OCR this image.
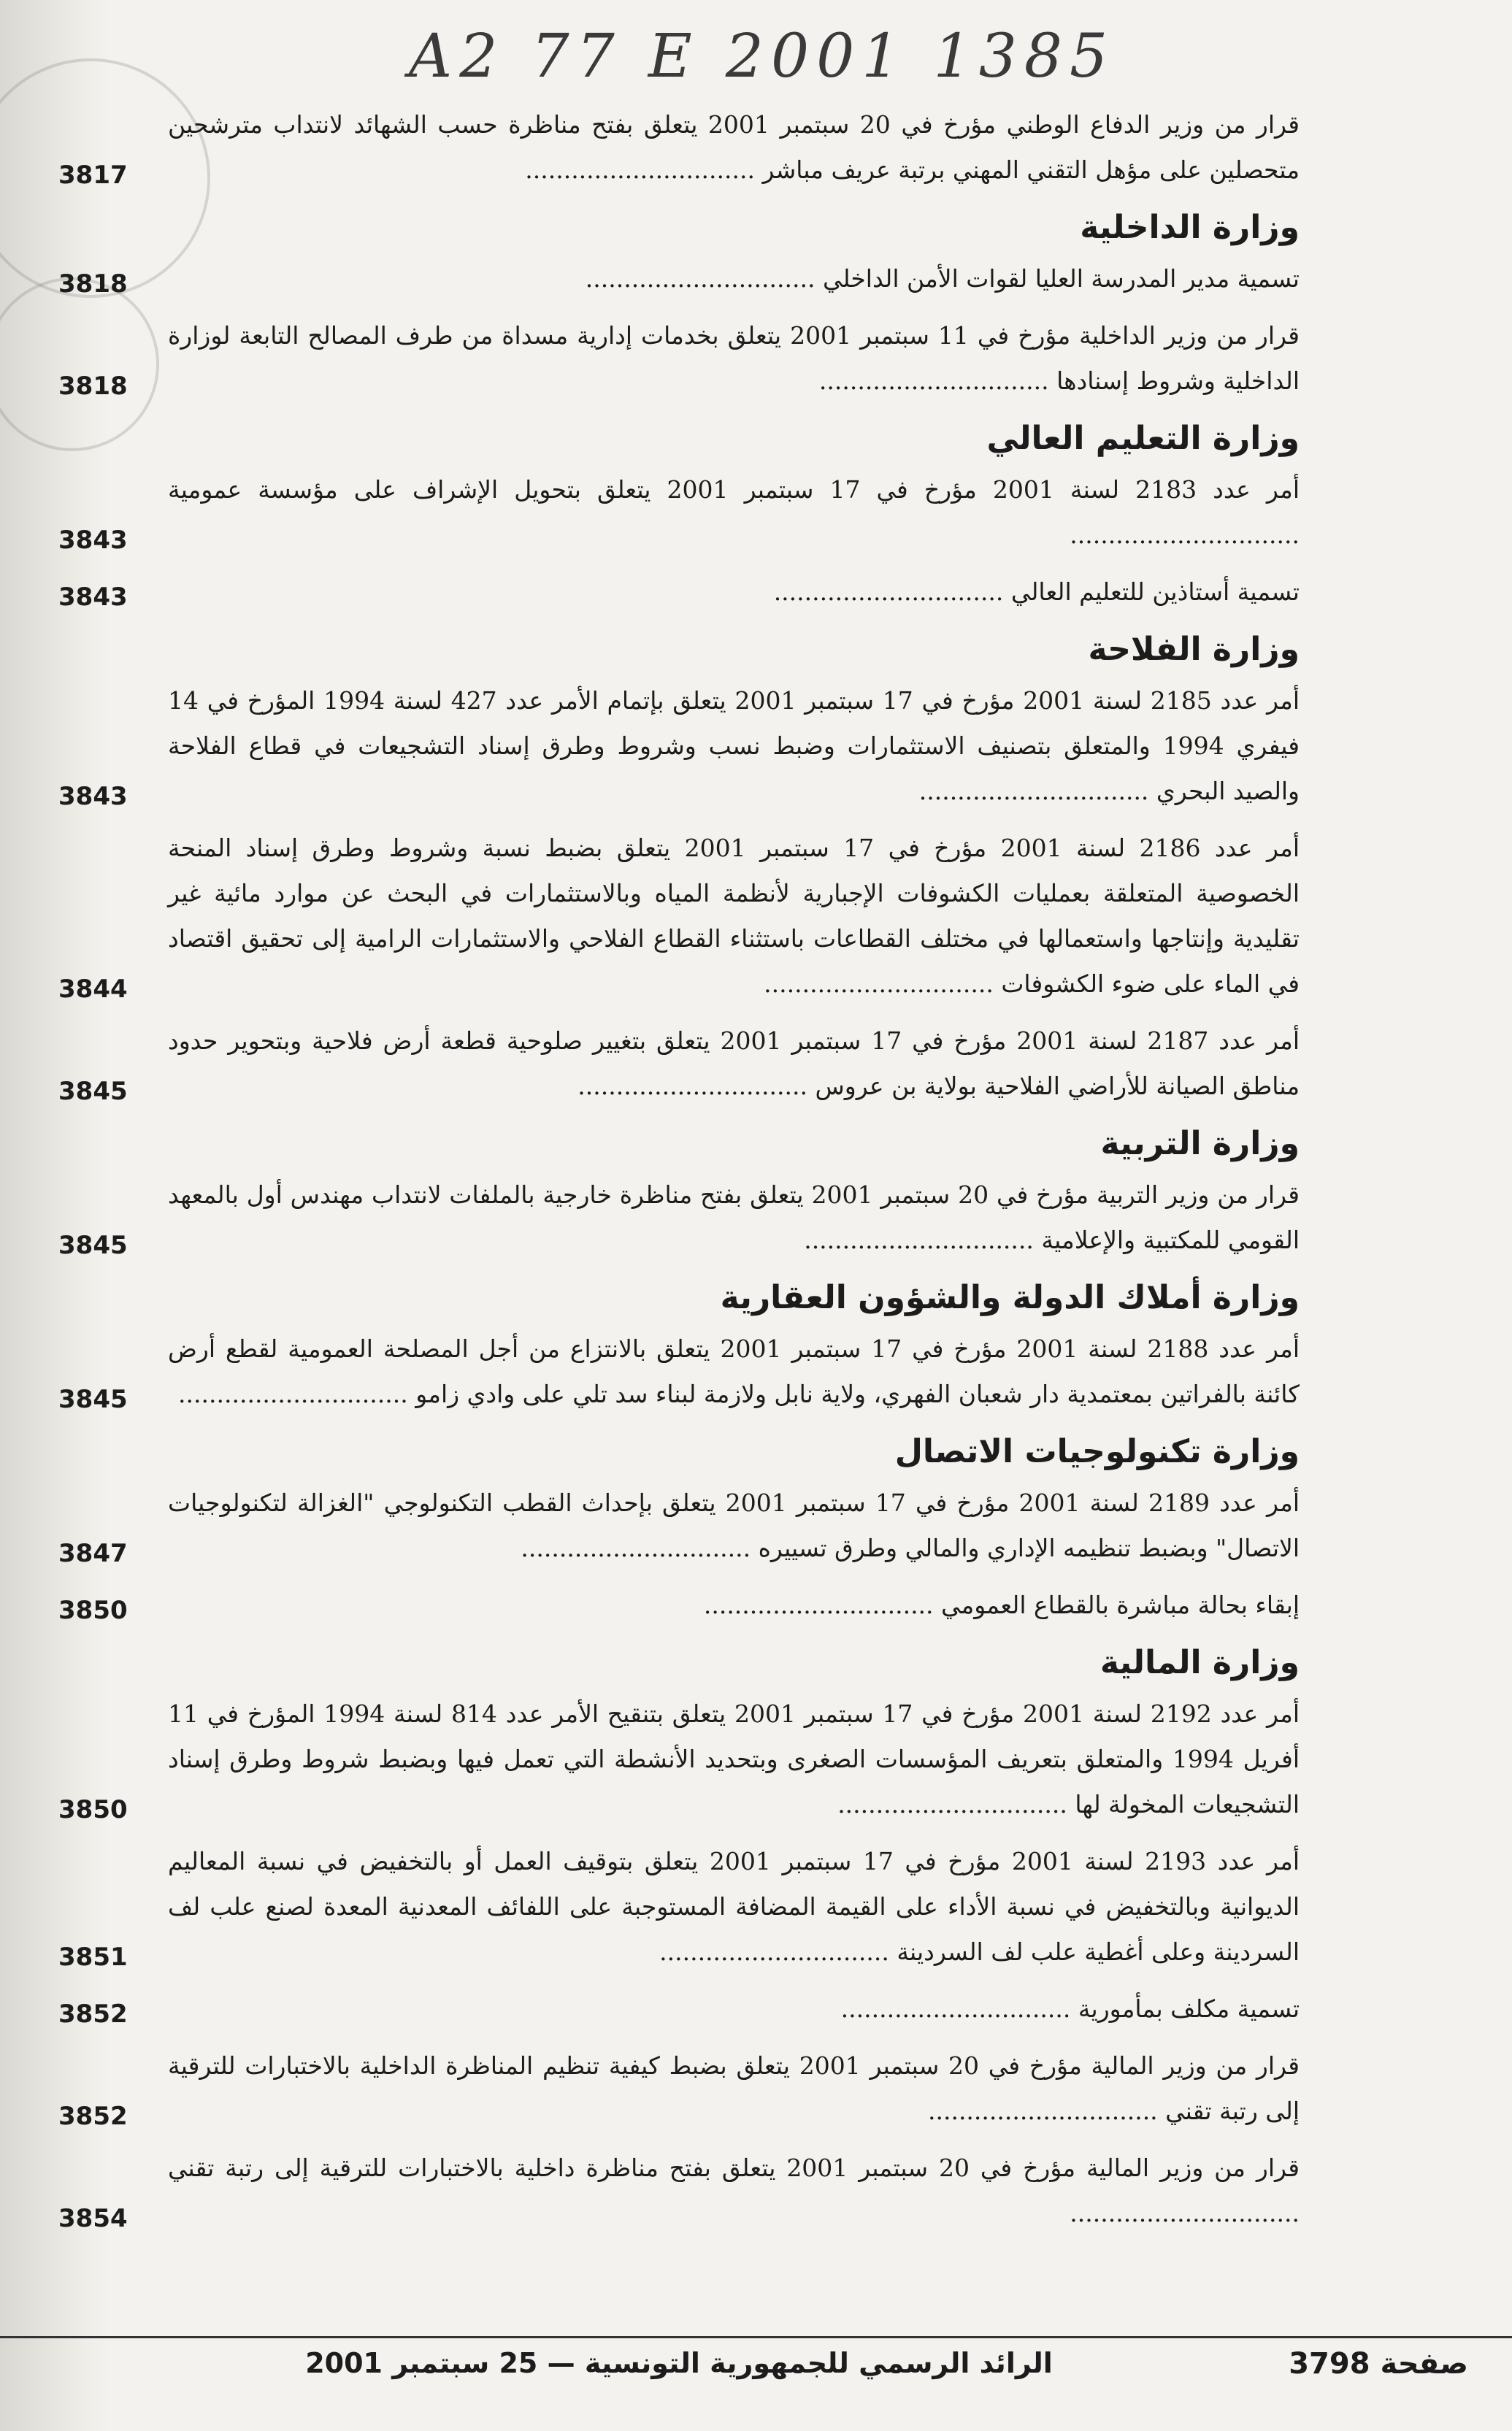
A2 77 E 2001 1385
قرار من وزير الدفاع الوطني مؤرخ في 20 سبتمبر 2001 يتعلق بفتح مناظرة حسب الشهائد لانتداب مترشحين متحصلين على مؤهل التقني المهني برتبة عريف مباشر .....
3817
وزارة الداخلية
تسمية مدير المدرسة العليا لقوات الأمن الداخلي .....
3818
قرار من وزير الداخلية مؤرخ في 11 سبتمبر 2001 يتعلق بخدمات إدارية مسداة من طرف المصالح التابعة لوزارة الداخلية وشروط إسنادها .....
3818
وزارة التعليم العالي
أمر عدد 2183 لسنة 2001 مؤرخ في 17 سبتمبر 2001 يتعلق بتحويل الإشراف على مؤسسة عمومية .....
3843
تسمية أستاذين للتعليم العالي .....
3843
وزارة الفلاحة
أمر عدد 2185 لسنة 2001 مؤرخ في 17 سبتمبر 2001 يتعلق بإتمام الأمر عدد 427 لسنة 1994 المؤرخ في 14 فيفري 1994 والمتعلق بتصنيف الاستثمارات وضبط نسب وشروط وطرق إسناد التشجيعات في قطاع الفلاحة والصيد البحري .....
3843
أمر عدد 2186 لسنة 2001 مؤرخ في 17 سبتمبر 2001 يتعلق بضبط نسبة وشروط وطرق إسناد المنحة الخصوصية المتعلقة بعمليات الكشوفات الإجبارية لأنظمة المياه وبالاستثمارات في البحث عن موارد مائية غير تقليدية وإنتاجها واستعمالها في مختلف القطاعات باستثناء القطاع الفلاحي والاستثمارات الرامية إلى تحقيق اقتصاد في الماء على ضوء الكشوفات .....
3844
أمر عدد 2187 لسنة 2001 مؤرخ في 17 سبتمبر 2001 يتعلق بتغيير صلوحية قطعة أرض فلاحية وبتحوير حدود مناطق الصيانة للأراضي الفلاحية بولاية بن عروس .....
3845
وزارة التربية
قرار من وزير التربية مؤرخ في 20 سبتمبر 2001 يتعلق بفتح مناظرة خارجية بالملفات لانتداب مهندس أول بالمعهد القومي للمكتبية والإعلامية .....
3845
وزارة أملاك الدولة والشؤون العقارية
أمر عدد 2188 لسنة 2001 مؤرخ في 17 سبتمبر 2001 يتعلق بالانتزاع من أجل المصلحة العمومية لقطع أرض كائنة بالفراتين بمعتمدية دار شعبان الفهري، ولاية نابل ولازمة لبناء سد تلي على وادي زامو .....
3845
وزارة تكنولوجيات الاتصال
أمر عدد 2189 لسنة 2001 مؤرخ في 17 سبتمبر 2001 يتعلق بإحداث القطب التكنولوجي "الغزالة لتكنولوجيات الاتصال" وبضبط تنظيمه الإداري والمالي وطرق تسييره .....
3847
إبقاء بحالة مباشرة بالقطاع العمومي .....
3850
وزارة المالية
أمر عدد 2192 لسنة 2001 مؤرخ في 17 سبتمبر 2001 يتعلق بتنقيح الأمر عدد 814 لسنة 1994 المؤرخ في 11 أفريل 1994 والمتعلق بتعريف المؤسسات الصغرى وبتحديد الأنشطة التي تعمل فيها وبضبط شروط وطرق إسناد التشجيعات المخولة لها .....
3850
أمر عدد 2193 لسنة 2001 مؤرخ في 17 سبتمبر 2001 يتعلق بتوقيف العمل أو بالتخفيض في نسبة المعاليم الديوانية وبالتخفيض في نسبة الأداء على القيمة المضافة المستوجبة على اللفائف المعدنية المعدة لصنع علب لف السردينة وعلى أغطية علب لف السردينة .....
3851
تسمية مكلف بمأمورية .....
3852
قرار من وزير المالية مؤرخ في 20 سبتمبر 2001 يتعلق بضبط كيفية تنظيم المناظرة الداخلية بالاختبارات للترقية إلى رتبة تقني .....
3852
قرار من وزير المالية مؤرخ في 20 سبتمبر 2001 يتعلق بفتح مناظرة داخلية بالاختبارات للترقية إلى رتبة تقني .....
3854
صفحة 3798
الرائد الرسمي للجمهورية التونسية — 25 سبتمبر 2001
